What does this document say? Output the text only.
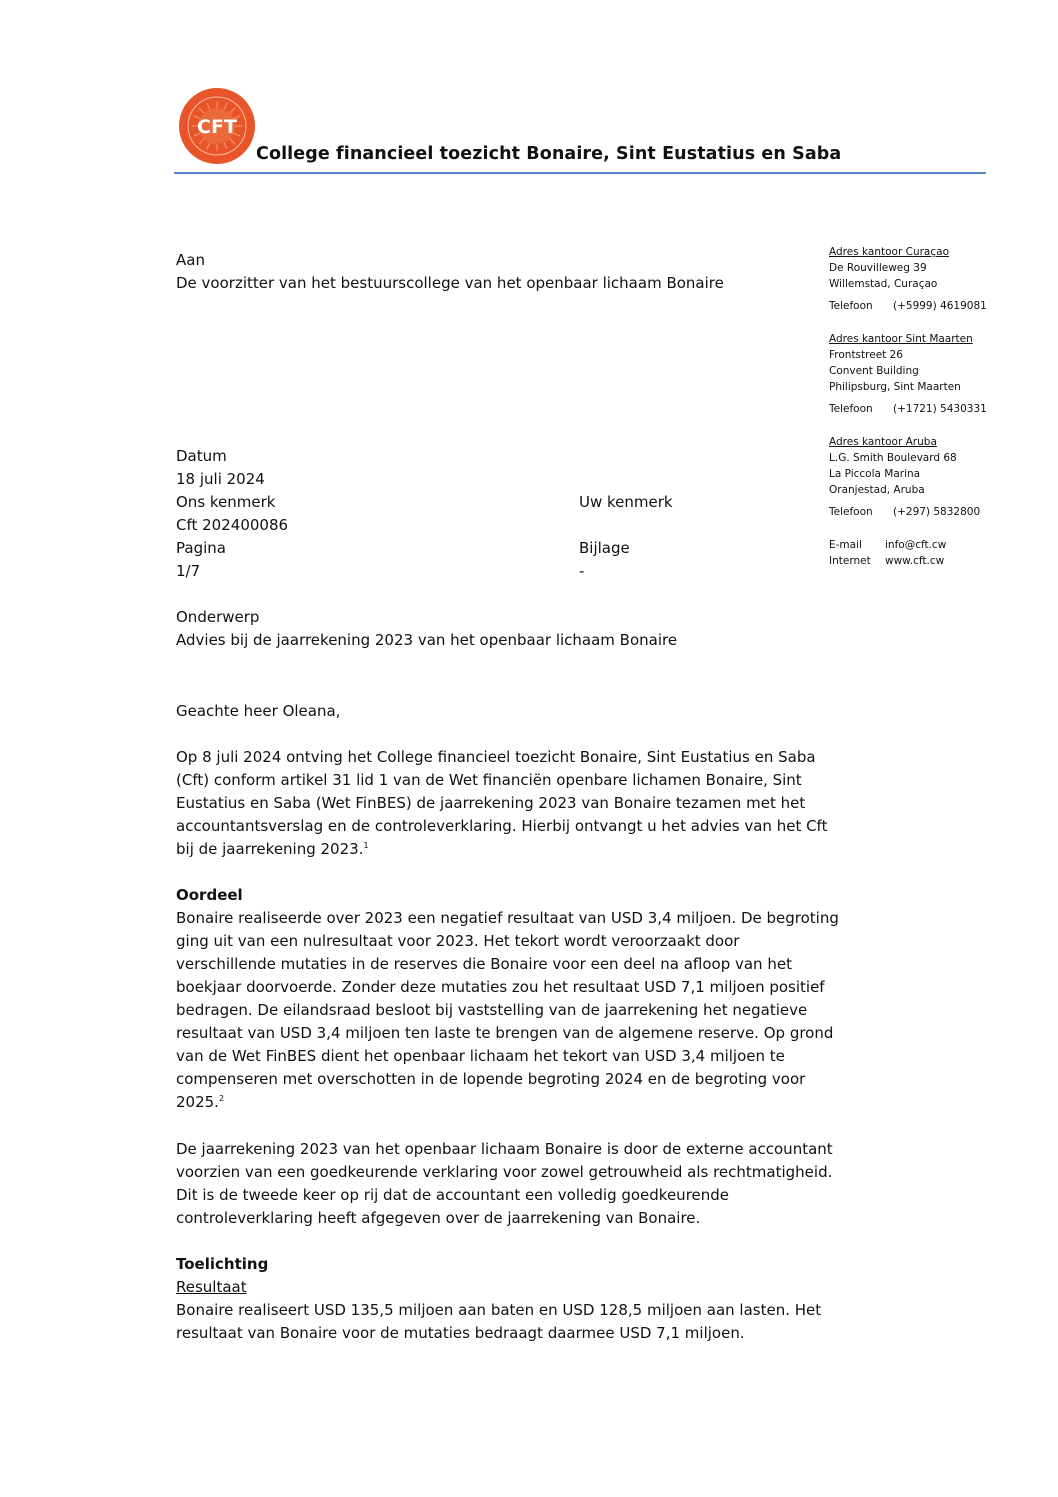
CFT
College financieel toezicht Bonaire, Sint Eustatius en Saba
Aan
De voorzitter van het bestuurscollege van het openbaar lichaam Bonaire
Adres kantoor Curaçao
De Rouvilleweg 39
Willemstad, Curaçao
Telefoon (+5999) 4619081
Adres kantoor Sint Maarten
Frontstreet 26
Convent Building
Philipsburg, Sint Maarten
Telefoon (+1721) 5430331
Adres kantoor Aruba
L.G. Smith Boulevard 68
La Piccola Marina
Oranjestad, Aruba
Telefoon (+297) 5832800
E-mail info@cft.cw
Internet www.cft.cw
Datum
18 juli 2024
Ons kenmerk	Uw kenmerk
Cft 202400086
Pagina	Bijlage
1/7	-
Onderwerp
Advies bij de jaarrekening 2023 van het openbaar lichaam Bonaire

Geachte heer Oleana,

Op 8 juli 2024 ontving het College financieel toezicht Bonaire, Sint Eustatius en Saba

(Cft) conform artikel 31 lid 1 van de Wet financiën openbare lichamen Bonaire, Sint

Eustatius en Saba (Wet FinBES) de jaarrekening 2023 van Bonaire tezamen met het

accountantsverslag en de controleverklaring. Hierbij ontvangt u het advies van het Cft

bij de jaarrekening 2023.$^1$

Oordeel

Bonaire realiseerde over 2023 een negatief resultaat van USD 3,4 miljoen. De begroting

ging uit van een nulresultaat voor 2023. Het tekort wordt veroorzaakt door

verschillende mutaties in de reserves die Bonaire voor een deel na afloop van het

boekjaar doorvoerde. Zonder deze mutaties zou het resultaat USD 7,1 miljoen positief

bedragen. De eilandsraad besloot bij vaststelling van de jaarrekening het negatieve

resultaat van USD 3,4 miljoen ten laste te brengen van de algemene reserve. Op grond

van de Wet FinBES dient het openbaar lichaam het tekort van USD 3,4 miljoen te

compenseren met overschotten in de lopende begroting 2024 en de begroting voor

2025.$^2$

De jaarrekening 2023 van het openbaar lichaam Bonaire is door de externe accountant

voorzien van een goedkeurende verklaring voor zowel getrouwheid als rechtmatigheid.

Dit is de tweede keer op rij dat de accountant een volledig goedkeurende

controleverklaring heeft afgegeven over de jaarrekening van Bonaire.

Toelichting

Resultaat

Bonaire realiseert USD 135,5 miljoen aan baten en USD 128,5 miljoen aan lasten. Het

resultaat van Bonaire voor de mutaties bedraagt daarmee USD 7,1 miljoen.
